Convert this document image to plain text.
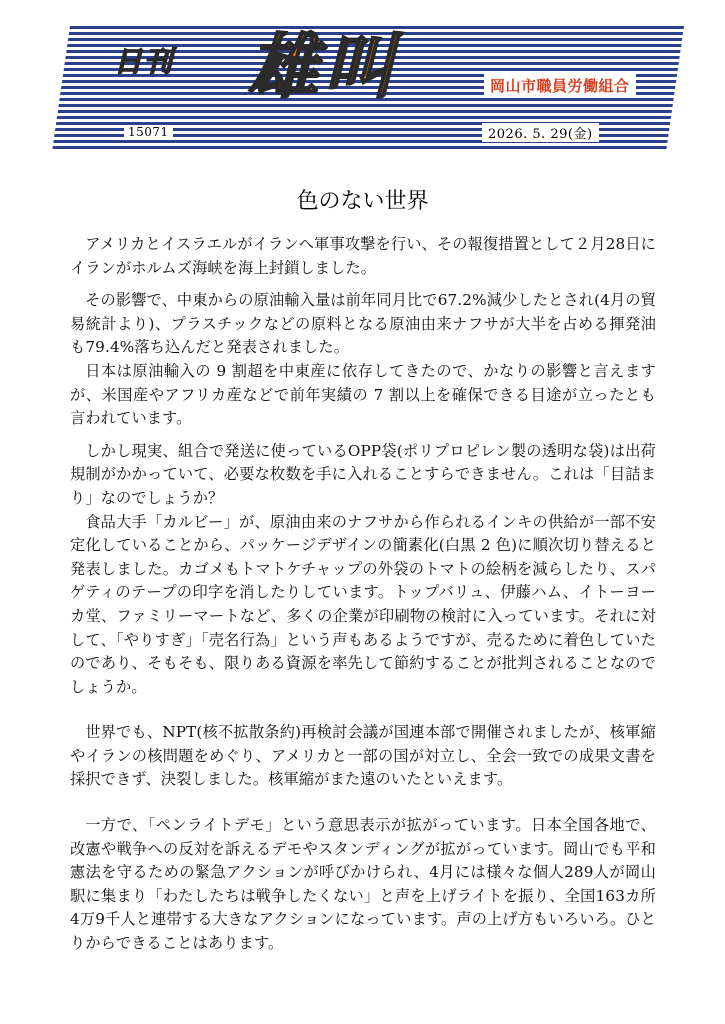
日刊 雄叫	岡山市職員労働組合
15071	2026. 5. 29(金)
色のない世界

アメリカとイスラエルがイランへ軍事攻撃を行い、その報復措置として２月28日にイランがホルムズ海峡を海上封鎖しました。

その影響で、中東からの原油輸入量は前年同月比で67.2%減少したとされ(4月の貿易統計より)、プラスチックなどの原料となる原油由来ナフサが大半を占める揮発油も79.4%落ち込んだと発表されました。

日本は原油輸入の 9 割超を中東産に依存してきたので、かなりの影響と言えますが、米国産やアフリカ産などで前年実績の 7 割以上を確保できる目途が立ったとも言われています。

しかし現実、組合で発送に使っているOPP袋(ポリプロピレン製の透明な袋)は出荷規制がかかっていて、必要な枚数を手に入れることすらできません。これは「目詰まり」なのでしょうか？

食品大手「カルビー」が、原油由来のナフサから作られるインキの供給が一部不安定化していることから、パッケージデザインの簡素化(白黒 2 色)に順次切り替えると発表しました。カゴメもトマトケチャップの外袋のトマトの絵柄を減らしたり、スパゲティのテープの印字を消したりしています。トップバリュ、伊藤ハム、イトーヨーカ堂、ファミリーマートなど、多くの企業が印刷物の検討に入っています。それに対して、「やりすぎ」「売名行為」という声もあるようですが、売るために着色していたのであり、そもそも、限りある資源を率先して節約することが批判されることなのでしょうか。

世界でも、NPT(核不拡散条約)再検討会議が国連本部で開催されましたが、核軍縮やイランの核問題をめぐり、アメリカと一部の国が対立し、全会一致での成果文書を採択できず、決裂しました。核軍縮がまた遠のいたといえます。

一方で、「ペンライトデモ」という意思表示が拡がっています。日本全国各地で、改憲や戦争への反対を訴えるデモやスタンディングが拡がっています。岡山でも平和憲法を守るための緊急アクションが呼びかけられ、4月には様々な個人289人が岡山駅に集まり「わたしたちは戦争したくない」と声を上げライトを振り、全国163カ所4万9千人と連帯する大きなアクションになっています。声の上げ方もいろいろ。ひとりからできることはあります。
